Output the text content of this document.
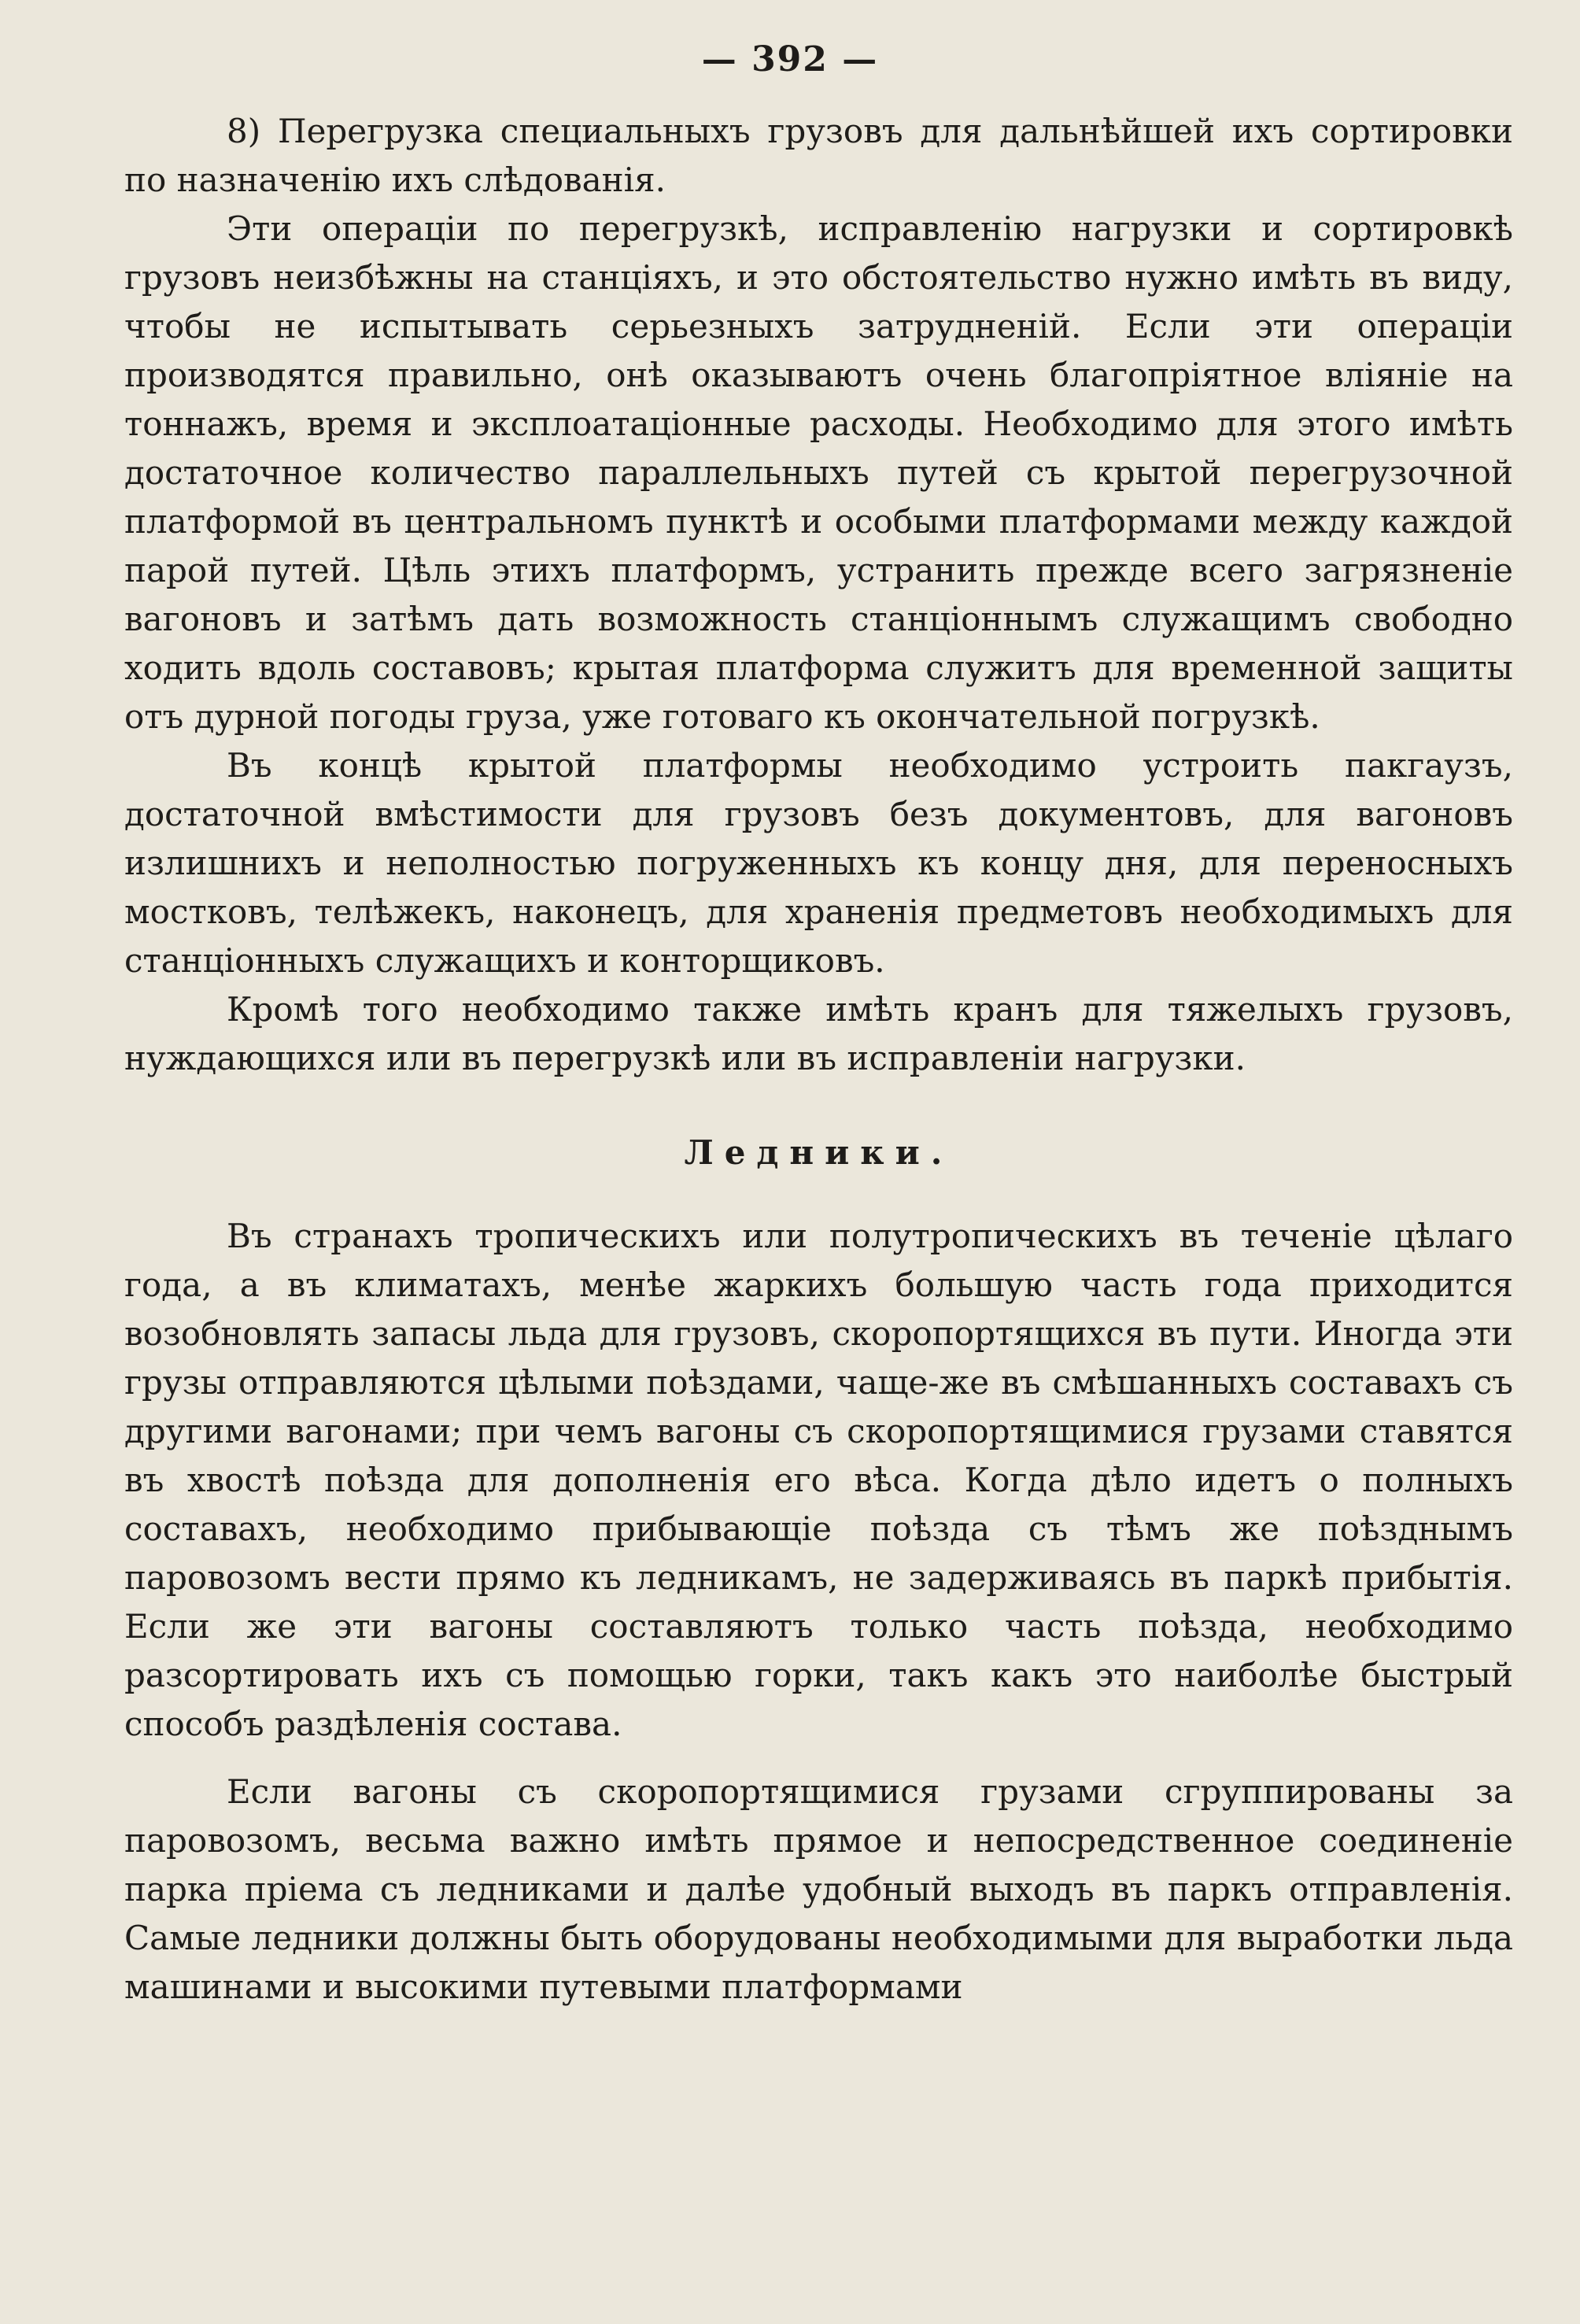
— 392 —

8) Перегрузка специальныхъ грузовъ для дальнѣйшей ихъ сортировки по назначенію ихъ слѣдованія.

Эти операціи по перегрузкѣ, исправленію нагрузки и сортировкѣ грузовъ неизбѣжны на станціяхъ, и это обстоятельство нужно имѣть въ виду, чтобы не испытывать серьезныхъ затрудненій. Если эти операціи производятся правильно, онѣ оказываютъ очень благопріятное вліяніе на тоннажъ, время и эксплоатаціонные расходы. Необходимо для этого имѣть достаточное количество параллельныхъ путей съ крытой перегрузочной платформой въ центральномъ пунктѣ и особыми платформами между каждой парой путей. Цѣль этихъ платформъ, устранить прежде всего загрязненіе вагоновъ и затѣмъ дать возможность станціоннымъ служащимъ свободно ходить вдоль составовъ; крытая платформа служитъ для временной защиты отъ дурной погоды груза, уже готоваго къ окончательной погрузкѣ.

Въ концѣ крытой платформы необходимо устроить пакгаузъ, достаточной вмѣстимости для грузовъ безъ документовъ, для вагоновъ излишнихъ и неполностью погруженныхъ къ концу дня, для переносныхъ мостковъ, телѣжекъ, наконецъ, для храненія предметовъ необходимыхъ для станціонныхъ служащихъ и конторщиковъ.

Кромѣ того необходимо также имѣть кранъ для тяжелыхъ грузовъ, нуждающихся или въ перегрузкѣ или въ исправленіи нагрузки.

Ледники.

Въ странахъ тропическихъ или полутропическихъ въ теченіе цѣлаго года, а въ климатахъ, менѣе жаркихъ большую часть года приходится возобновлять запасы льда для грузовъ, скоропортящихся въ пути. Иногда эти грузы отправляются цѣлыми поѣздами, чаще-же въ смѣшанныхъ составахъ съ другими вагонами; при чемъ вагоны съ скоропортящимися грузами ставятся въ хвостѣ поѣзда для дополненія его вѣса. Когда дѣло идетъ о полныхъ составахъ, необходимо прибывающіе поѣзда съ тѣмъ же поѣзднымъ паровозомъ вести прямо къ ледникамъ, не задерживаясь въ паркѣ прибытія. Если же эти вагоны составляютъ только часть поѣзда, необходимо разсортировать ихъ съ помощью горки, такъ какъ это наиболѣе быстрый способъ раздѣленія состава.

Если вагоны съ скоропортящимися грузами сгруппированы за паровозомъ, весьма важно имѣть прямое и непосредственное соединеніе парка пріема съ ледниками и далѣе удобный выходъ въ паркъ отправленія. Самые ледники должны быть оборудованы необходимыми для выработки льда машинами и высокими путевыми платформами
